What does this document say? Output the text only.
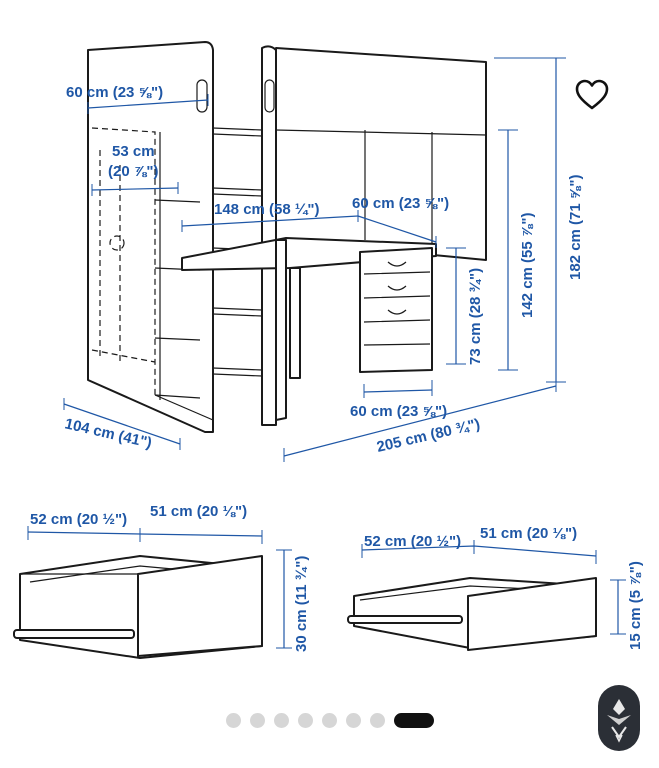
60 cm (23 ⅝")
53 cm
(20 ⅞")
148 cm (58 ¼") 60 cm (23 ⅝")
73 cm (28 ¾") 142 cm (55 ⅞") 182 cm (71 ⅝")
60 cm (23 ⅝")
104 cm (41")	205 cm (80 ¾")
52 cm (20 ½") 51 cm (20 ⅛")
30 cm (11 ¾")
52 cm (20 ½") 51 cm (20 ⅛")
15 cm (5 ⅞")
